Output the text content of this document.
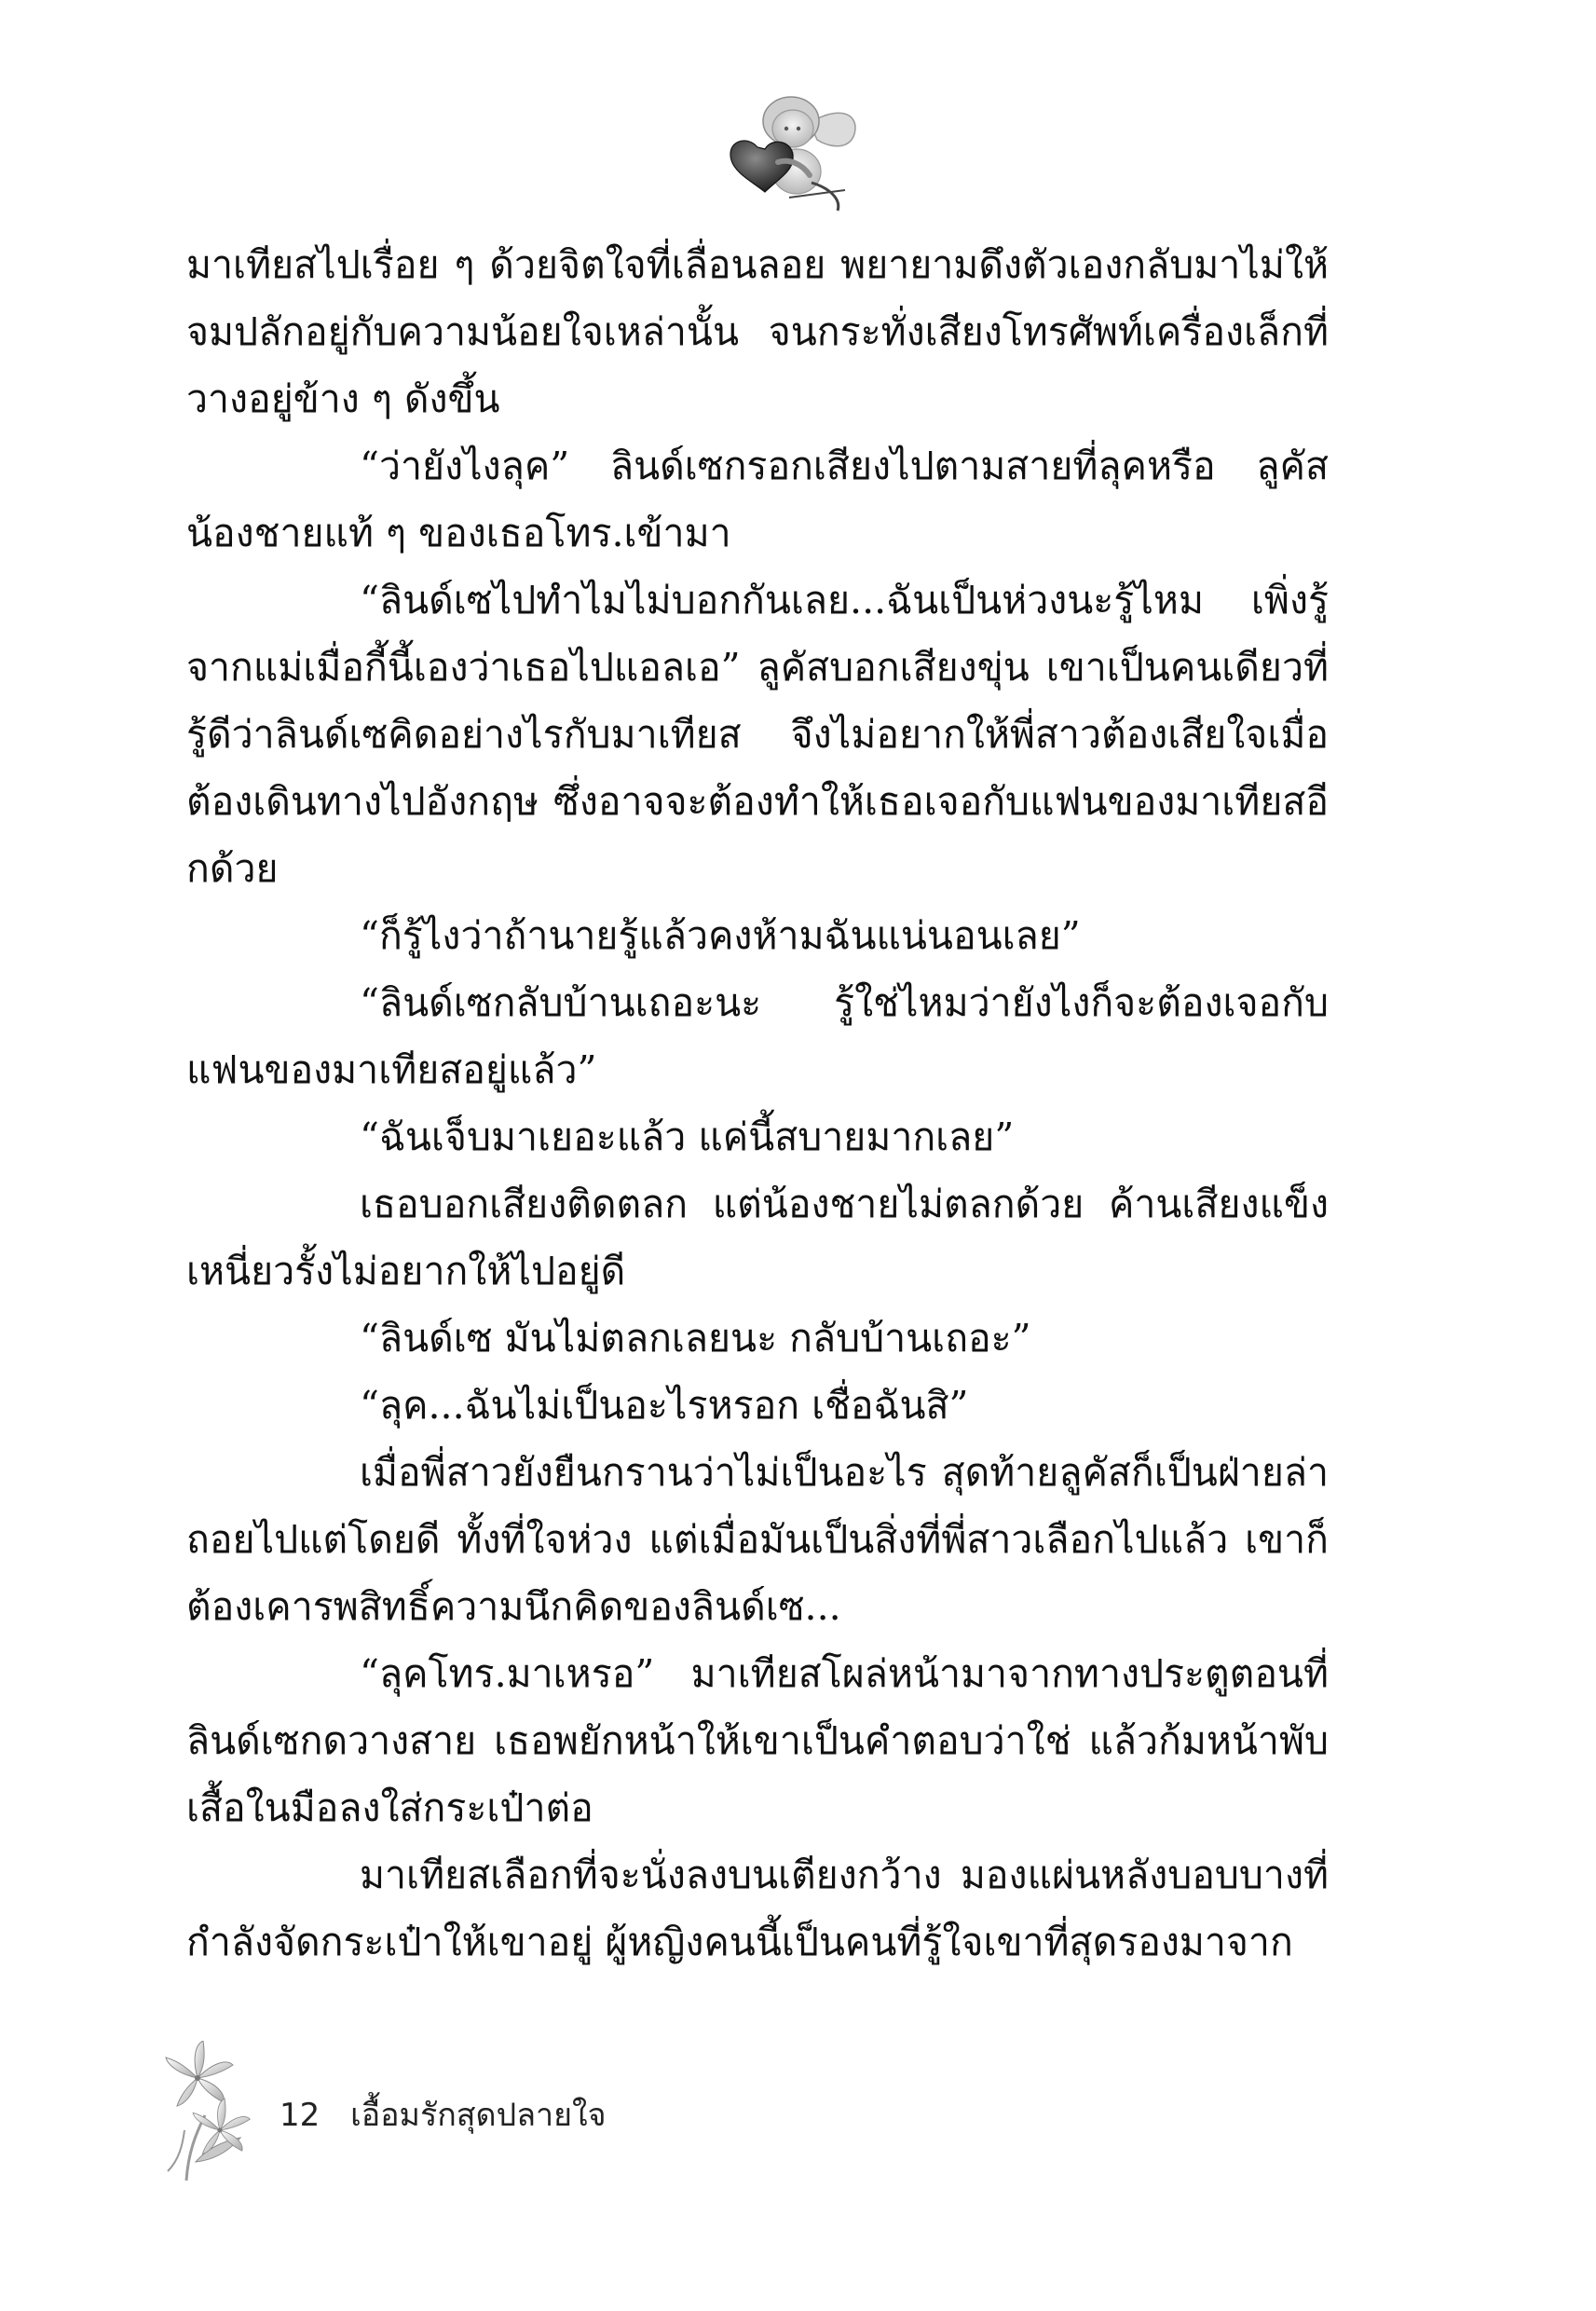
มาเทียสไปเรื่อย ๆ ด้วยจิตใจที่เลื่อนลอย พยายามดึงตัวเองกลับมาไม่ให้จมปลักอยู่กับความน้อยใจเหล่านั้น จนกระทั่งเสียงโทรศัพท์เครื่องเล็กที่วางอยู่ข้าง ๆ ดังขึ้น

“ว่ายังไงลุค” ลินด์เซกรอกเสียงไปตามสายที่ลุคหรือ ลูคัส น้องชายแท้ ๆ ของเธอโทร.เข้ามา

“ลินด์เซไปทำไมไม่บอกกันเลย...ฉันเป็นห่วงนะรู้ไหม เพิ่งรู้จากแม่เมื่อกี้นี้เองว่าเธอไปแอลเอ” ลูคัสบอกเสียงขุ่น เขาเป็นคนเดียวที่รู้ดีว่าลินด์เซคิดอย่างไรกับมาเทียส จึงไม่อยากให้พี่สาวต้องเสียใจเมื่อต้องเดินทางไปอังกฤษ ซึ่งอาจจะต้องทำให้เธอเจอกับแฟนของมาเทียสอีกด้วย

“ก็รู้ไงว่าถ้านายรู้แล้วคงห้ามฉันแน่นอนเลย”

“ลินด์เซกลับบ้านเถอะนะ รู้ใช่ไหมว่ายังไงก็จะต้องเจอกับแฟนของมาเทียสอยู่แล้ว”

“ฉันเจ็บมาเยอะแล้ว แค่นี้สบายมากเลย”

เธอบอกเสียงติดตลก แต่น้องชายไม่ตลกด้วย ค้านเสียงแข็งเหนี่ยวรั้งไม่อยากให้ไปอยู่ดี

“ลินด์เซ มันไม่ตลกเลยนะ กลับบ้านเถอะ”

“ลุค...ฉันไม่เป็นอะไรหรอก เชื่อฉันสิ”

เมื่อพี่สาวยังยืนกรานว่าไม่เป็นอะไร สุดท้ายลูคัสก็เป็นฝ่ายล่าถอยไปแต่โดยดี ทั้งที่ใจห่วง แต่เมื่อมันเป็นสิ่งที่พี่สาวเลือกไปแล้ว เขาก็ต้องเคารพสิทธิ์ความนึกคิดของลินด์เซ...

“ลุคโทร.มาเหรอ” มาเทียสโผล่หน้ามาจากทางประตูตอนที่ลินด์เซกดวางสาย เธอพยักหน้าให้เขาเป็นคำตอบว่าใช่ แล้วก้มหน้าพับเสื้อในมือลงใส่กระเป๋าต่อ

มาเทียสเลือกที่จะนั่งลงบนเตียงกว้าง มองแผ่นหลังบอบบางที่กำลังจัดกระเป๋าให้เขาอยู่ ผู้หญิงคนนี้เป็นคนที่รู้ใจเขาที่สุดรองมาจาก

12 เอื้อมรักสุดปลายใจ
